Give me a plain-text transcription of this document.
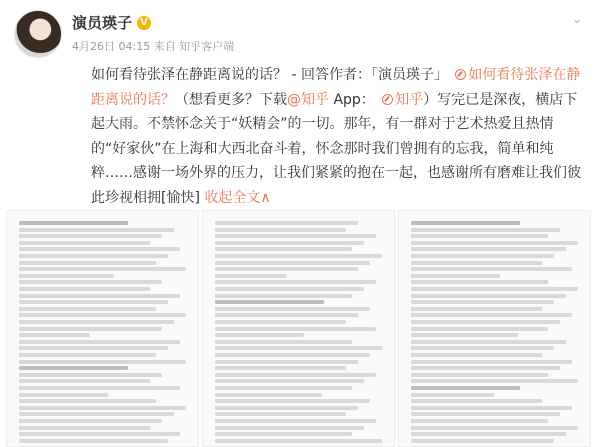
演员瑛子 V	⌄
4月26日 04:15 来自 知乎客户端
如何看待张泽在静距离说的话？ - 回答作者：「演员瑛子」 如何看待张泽在静距离说的话？（想看更多？下载@知乎 App： 知乎）写完已是深夜，横店下起大雨。不禁怀念关于“妖精会”的一切。那年，有一群对于艺术热爱且热情的“好家伙”在上海和大西北奋斗着，怀念那时我们曾拥有的忘我，简单和纯粹……感谢一场外界的压力，让我们紧紧的抱在一起，也感谢所有磨难让我们彼此珍视相拥[愉快] 收起全文∧
